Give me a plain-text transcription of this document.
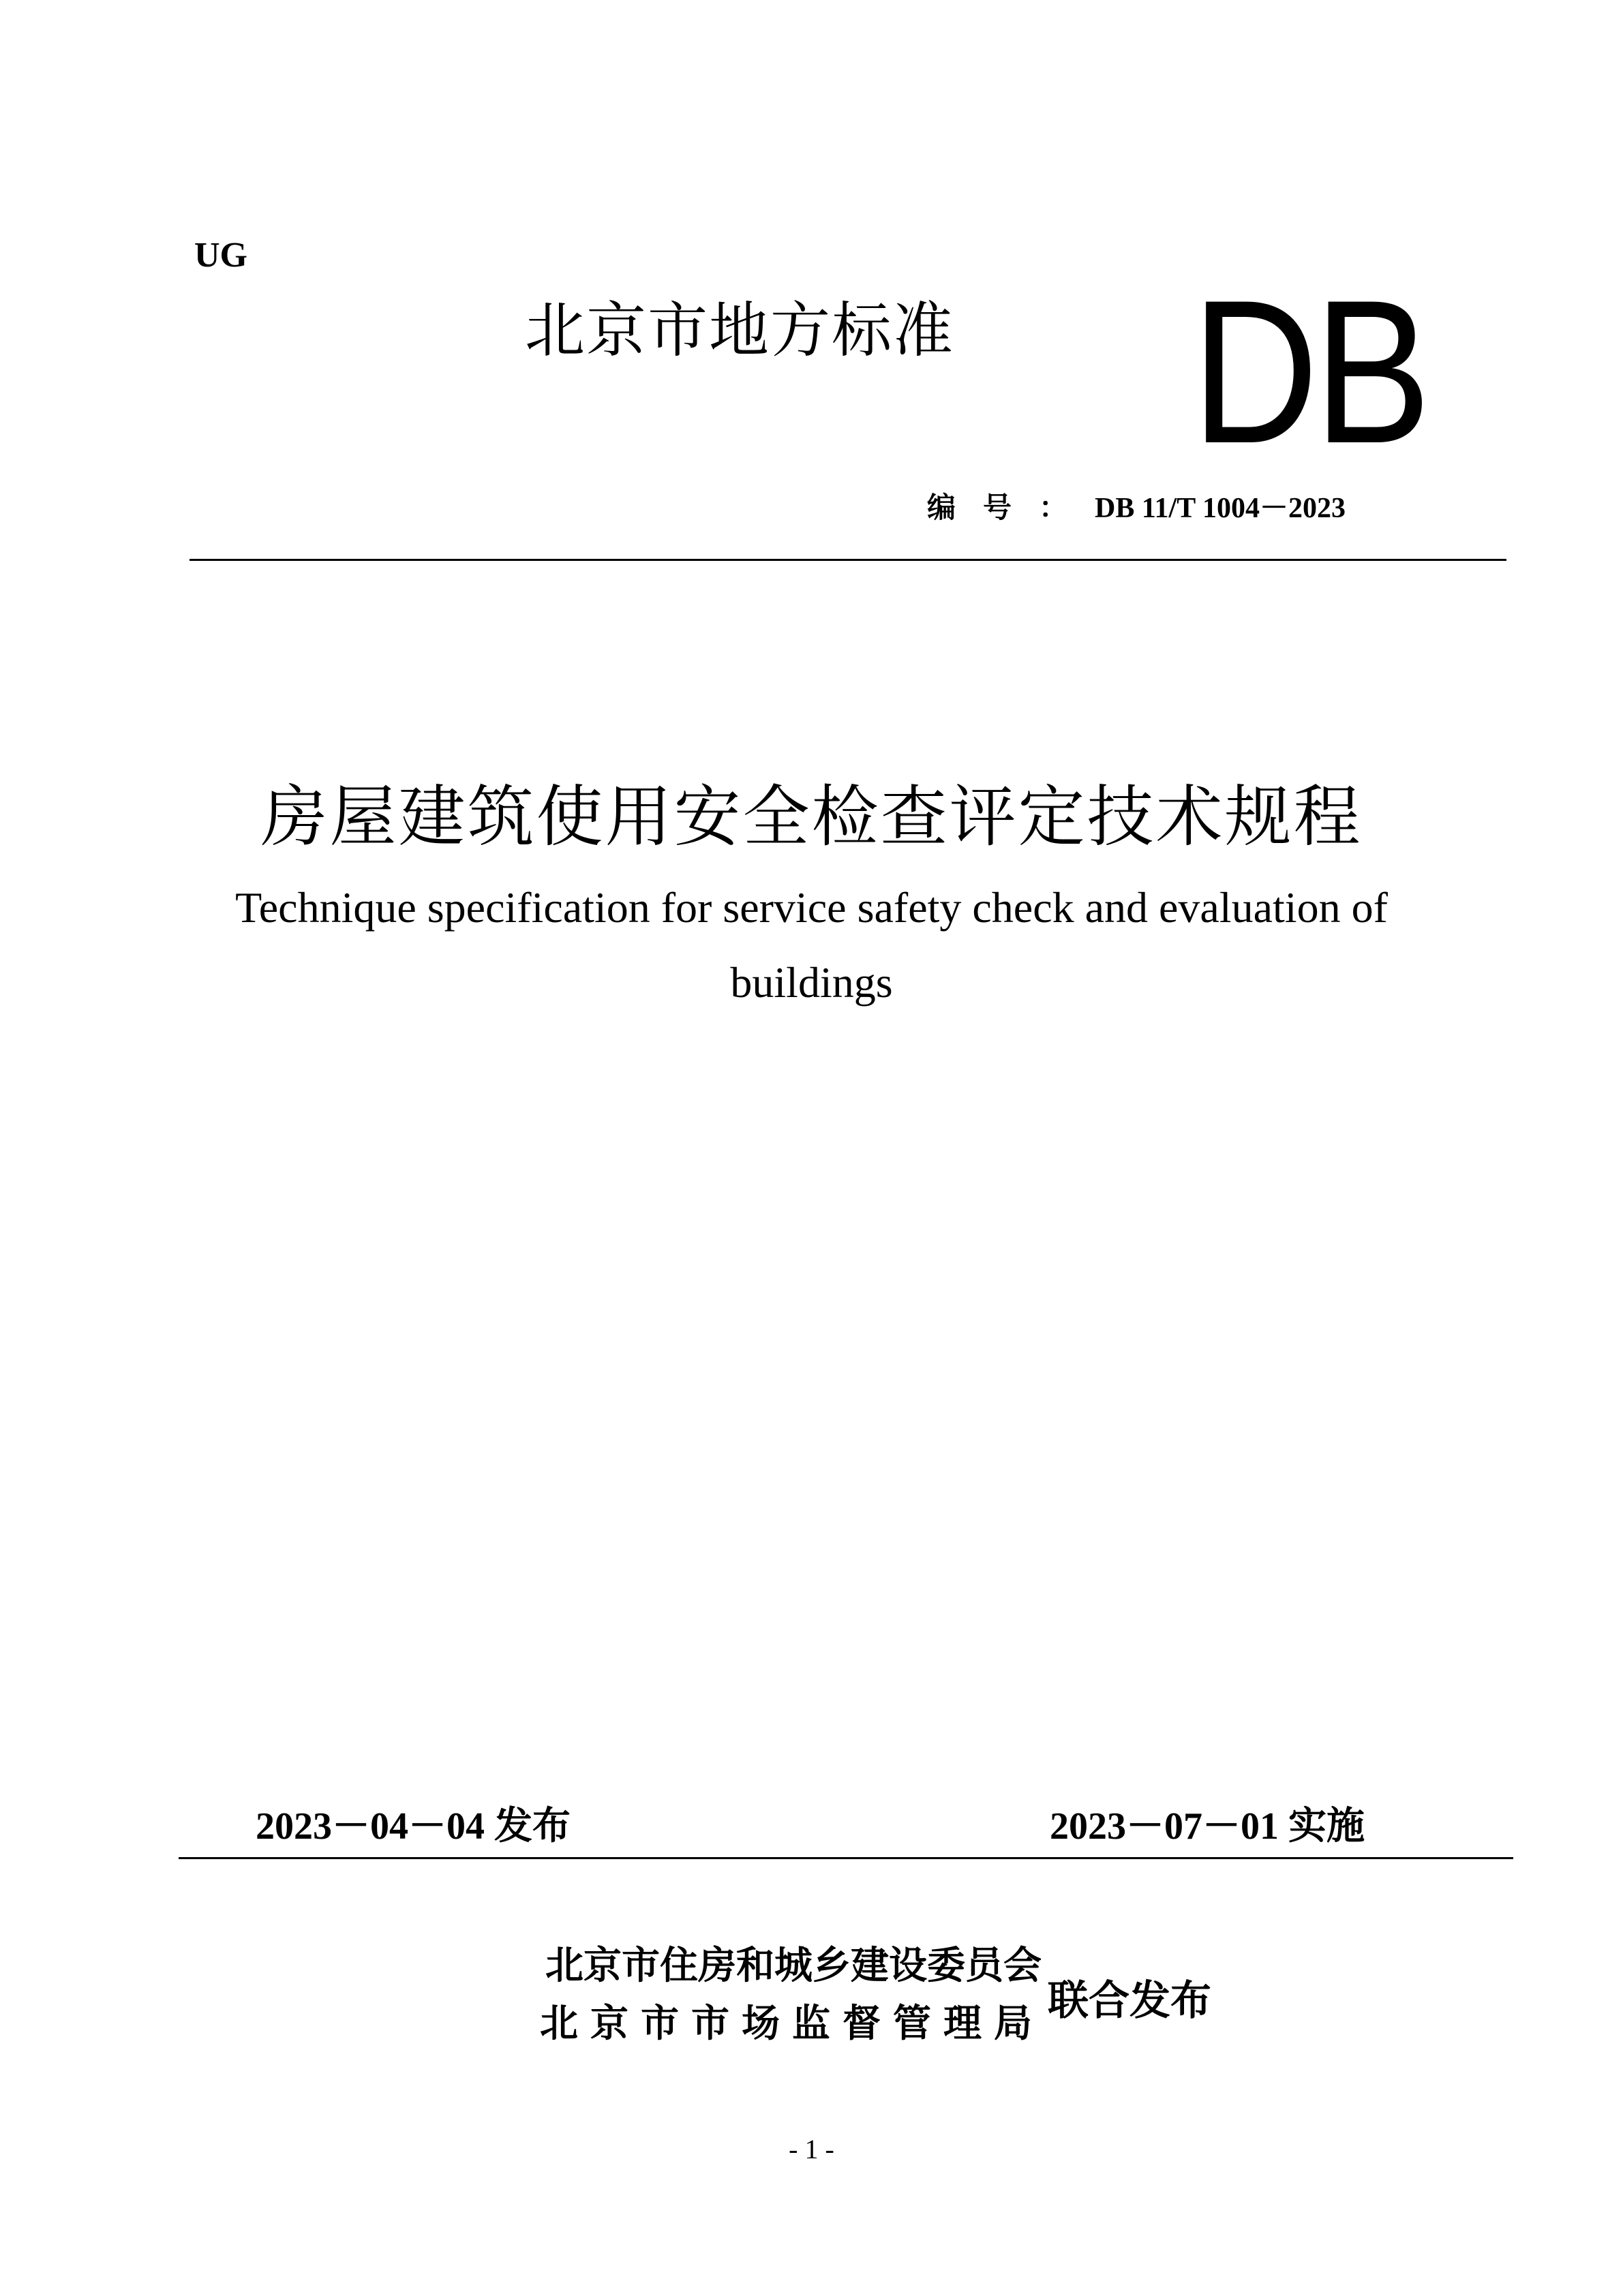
UG
北京市地方标准 DB
编号：DB 11/T 1004－2023
房屋建筑使用安全检查评定技术规程
Technique specification for service safety check and evaluation of
buildings
2023－04－04 发布	2023－07－01 实施
北京市住房和城乡建设委员会
北京市市场监督管理局 联合发布
- 1 -
